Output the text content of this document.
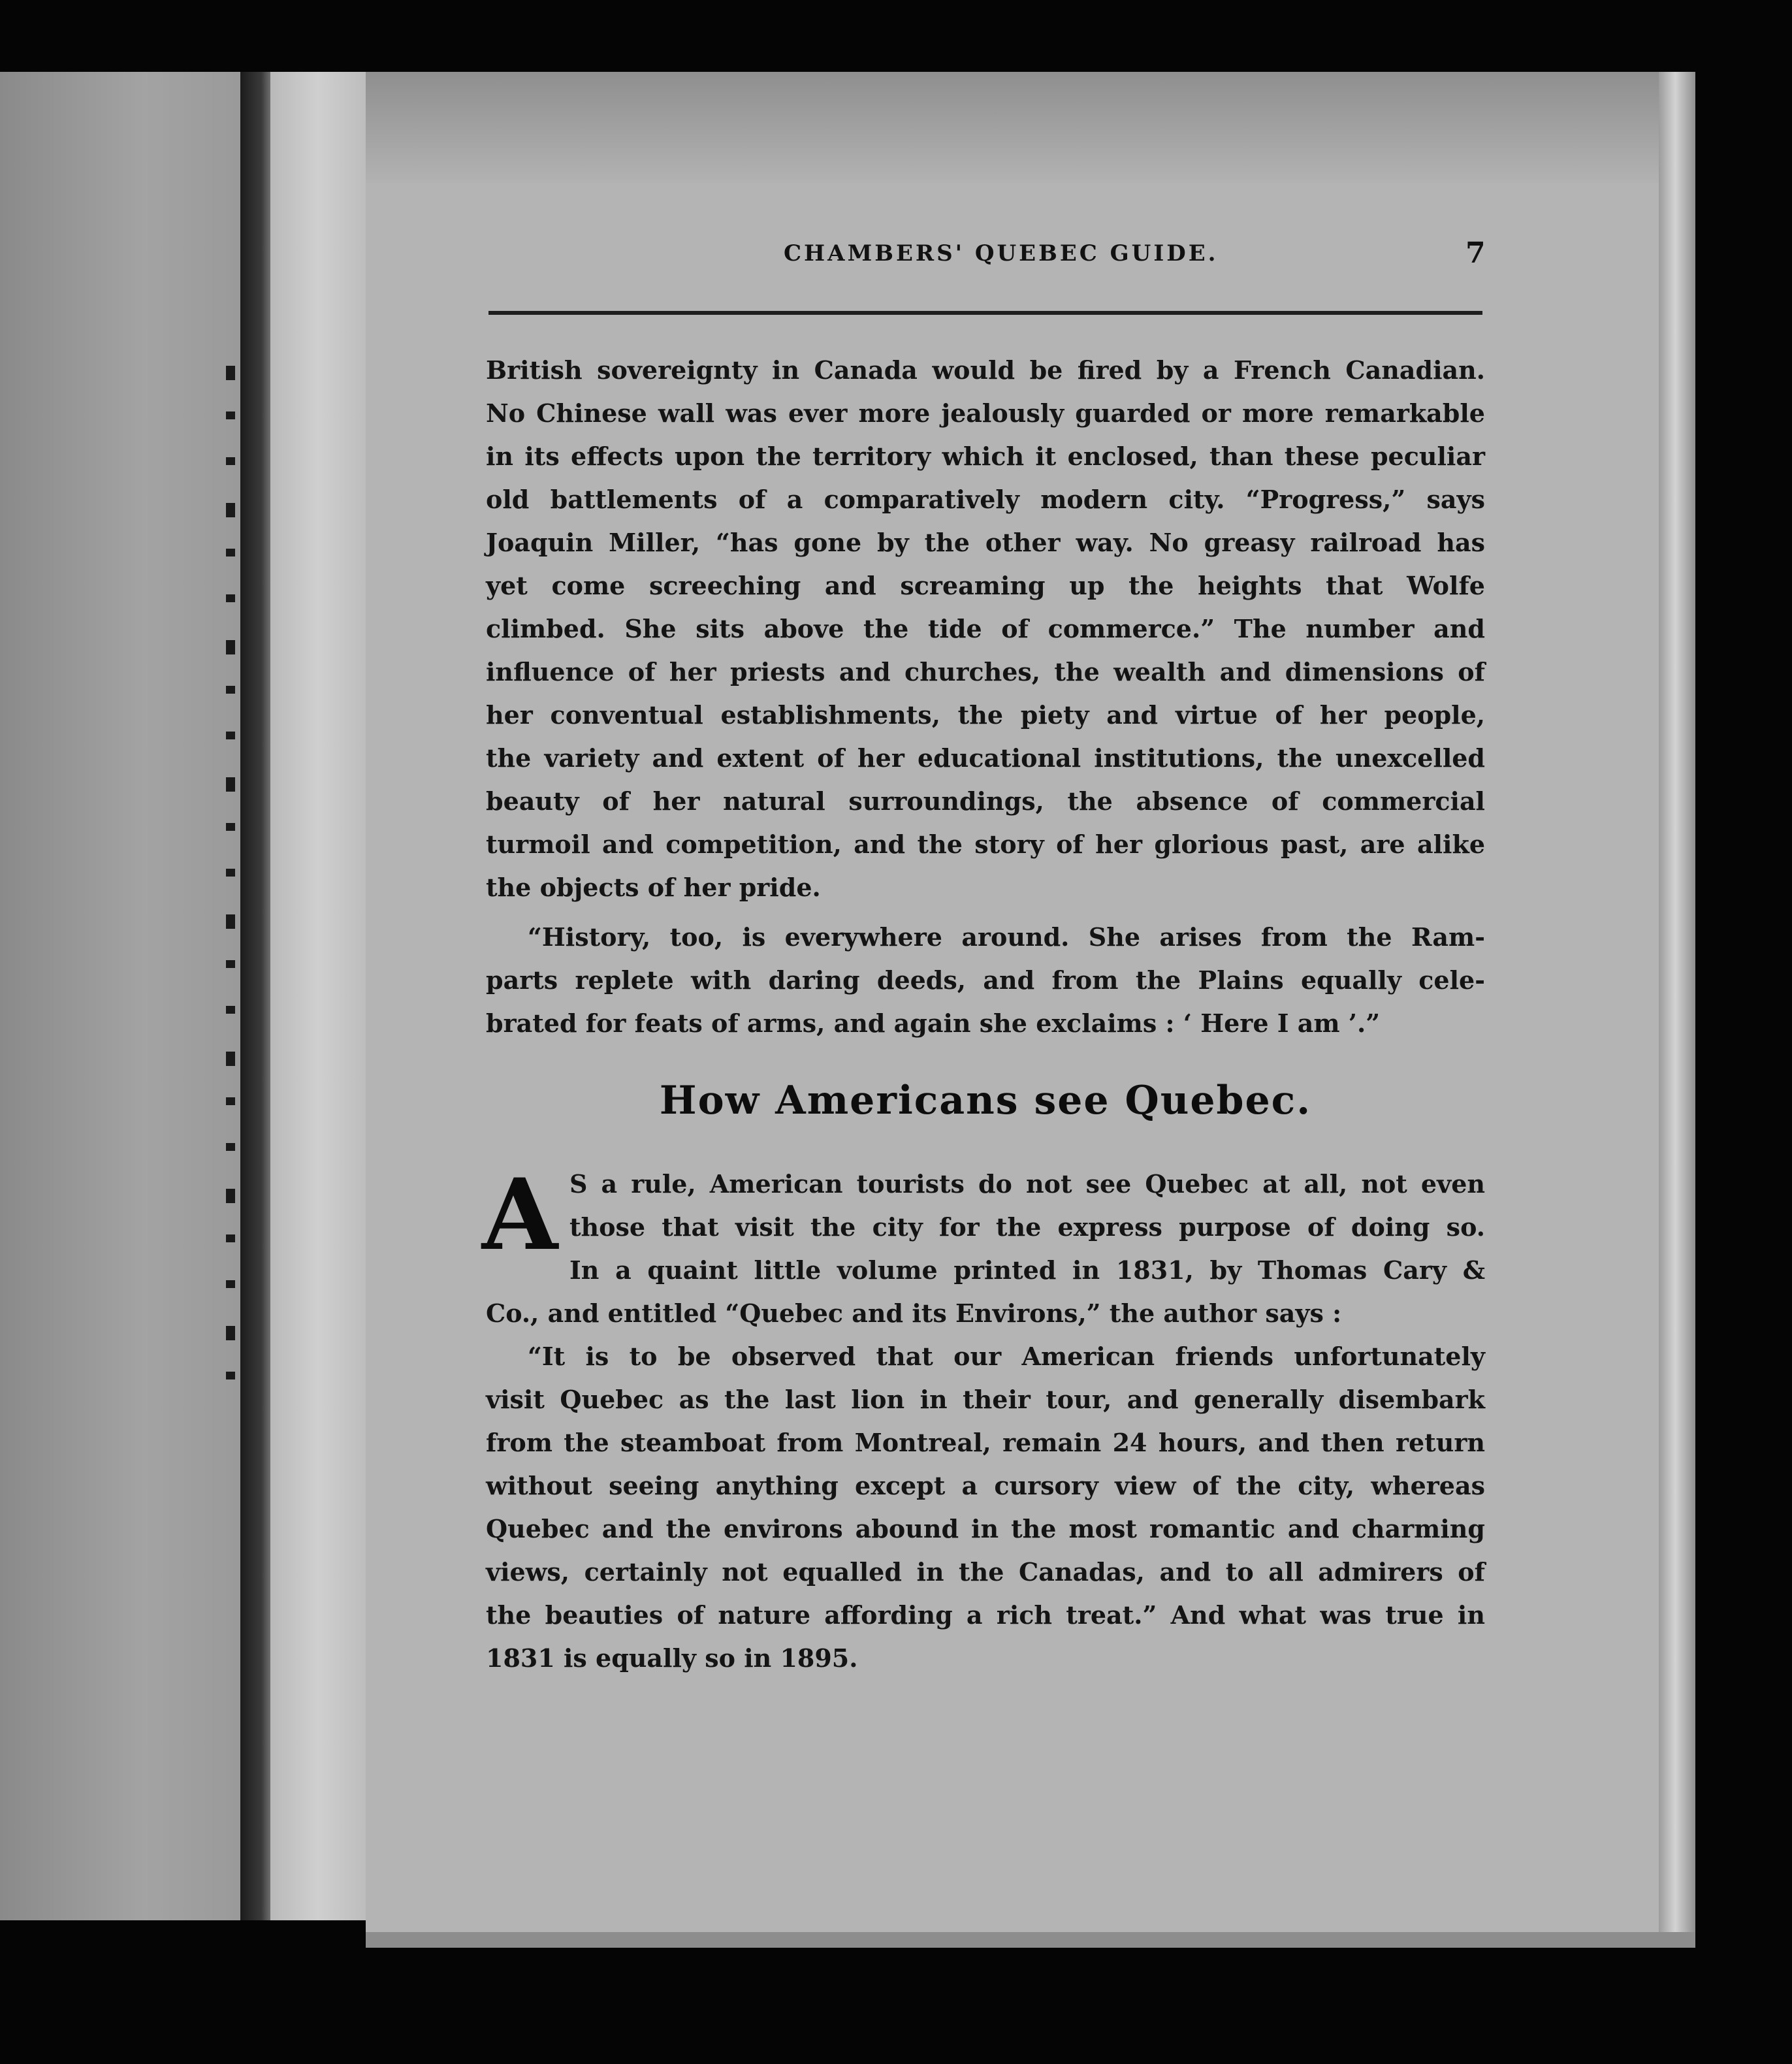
CHAMBERS' QUEBEC GUIDE.	7
British sovereignty in Canada would be fired by a French Canadian.
No Chinese wall was ever more jealously guarded or more remarkable
in its effects upon the territory which it enclosed, than these peculiar
old battlements of a comparatively modern city. “Progress,” says
Joaquin Miller, “has gone by the other way. No greasy railroad has
yet come screeching and screaming up the heights that Wolfe
climbed. She sits above the tide of commerce.” The number and
influence of her priests and churches, the wealth and dimensions of
her conventual establishments, the piety and virtue of her people,
the variety and extent of her educational institutions, the unexcelled
beauty of her natural surroundings, the absence of commercial
turmoil and competition, and the story of her glorious past, are alike
the objects of her pride.
“History, too, is everywhere around. She arises from the Ram-
parts replete with daring deeds, and from the Plains equally cele-
brated for feats of arms, and again she exclaims : ‘ Here I am ’.”
How Americans see Quebec.
A S a rule, American tourists do not see Quebec at all, not even
those that visit the city for the express purpose of doing so.
In a quaint little volume printed in 1831, by Thomas Cary &
Co., and entitled “Quebec and its Environs,” the author says :
“It is to be observed that our American friends unfortunately
visit Quebec as the last lion in their tour, and generally disembark
from the steamboat from Montreal, remain 24 hours, and then return
without seeing anything except a cursory view of the city, whereas
Quebec and the environs abound in the most romantic and charming
views, certainly not equalled in the Canadas, and to all admirers of
the beauties of nature affording a rich treat.” And what was true in
1831 is equally so in 1895.
